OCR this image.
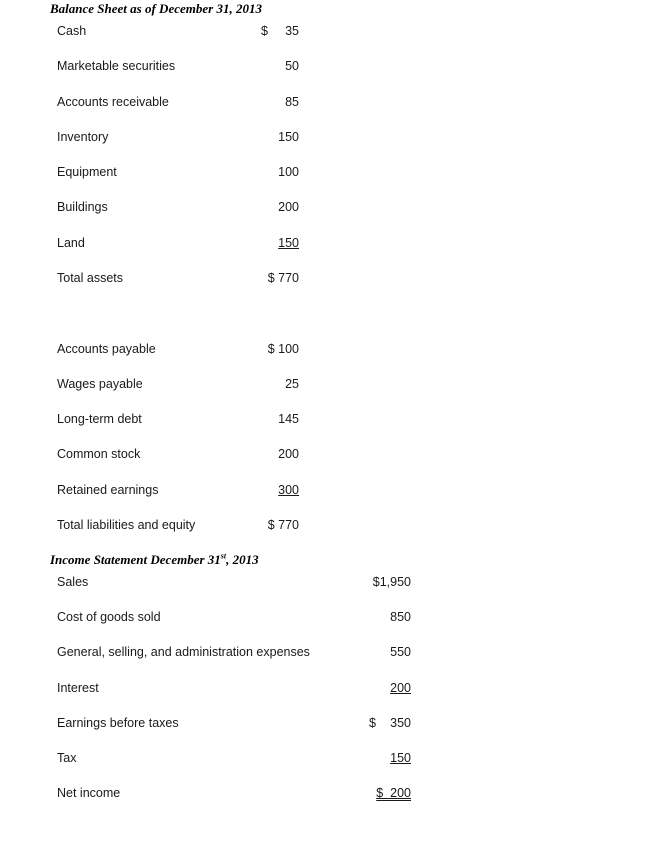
Balance Sheet as of December 31, 2013
Cash	$ 35
Marketable securities	50
Accounts receivable	85
Inventory	150
Equipment	100
Buildings	200
Land	150
Total assets	$ 770
Accounts payable	$ 100
Wages payable	25
Long-term debt	145
Common stock	200
Retained earnings	300
Total liabilities and equity	$ 770
Income Statement December 31st, 2013
Sales	$1,950
Cost of goods sold	850
General, selling, and administration expenses	550
Interest	200
Earnings before taxes	$ 350
Tax	150
Net income	$  200
